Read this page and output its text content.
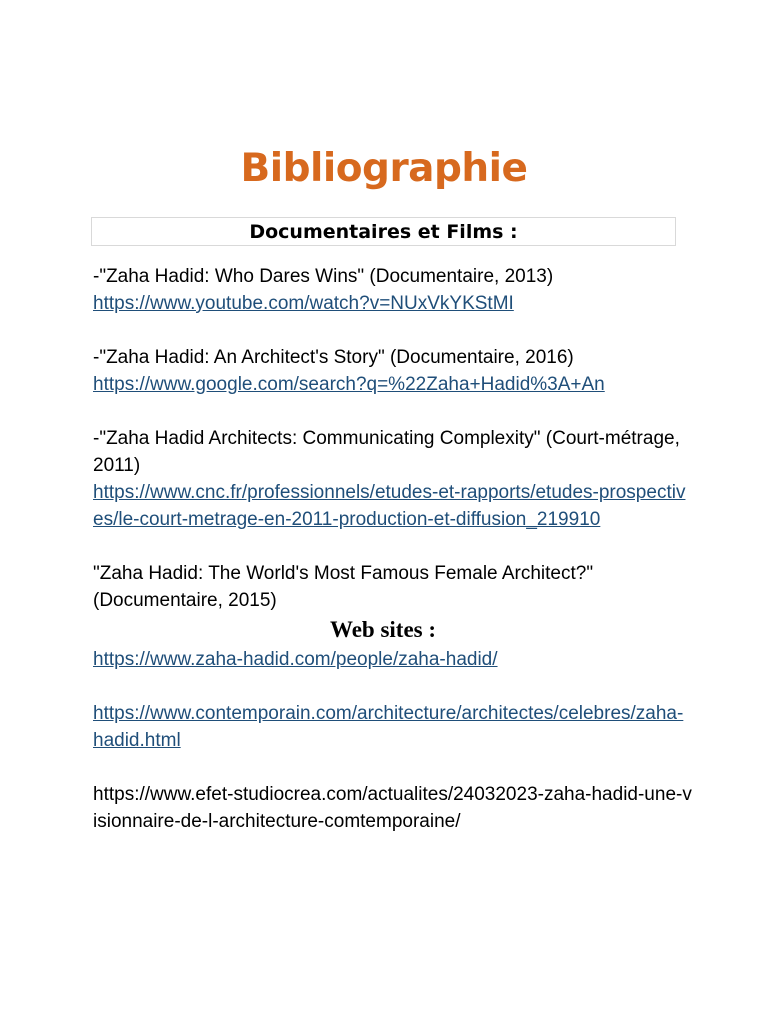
Bibliographie
Documentaires et Films :

-"Zaha Hadid: Who Dares Wins" (Documentaire, 2013)

https://www.youtube.com/watch?v=NUxVkYKStMI

-"Zaha Hadid: An Architect's Story" (Documentaire, 2016)

https://www.google.com/search?q=%22Zaha+Hadid%3A+An

-"Zaha Hadid Architects: Communicating Complexity" (Court-métrage, 2011)

https://www.cnc.fr/professionnels/etudes-et-rapports/etudes-prospectives/le-court-metrage-en-2011-production-et-diffusion_219910

"Zaha Hadid: The World's Most Famous Female Architect?" (Documentaire, 2015)

Web sites :

https://www.zaha-hadid.com/people/zaha-hadid/

https://www.contemporain.com/architecture/architectes/celebres/zaha-hadid.html

https://www.efet-studiocrea.com/actualites/24032023-zaha-hadid-une-visionnaire-de-l-architecture-comtemporaine/
